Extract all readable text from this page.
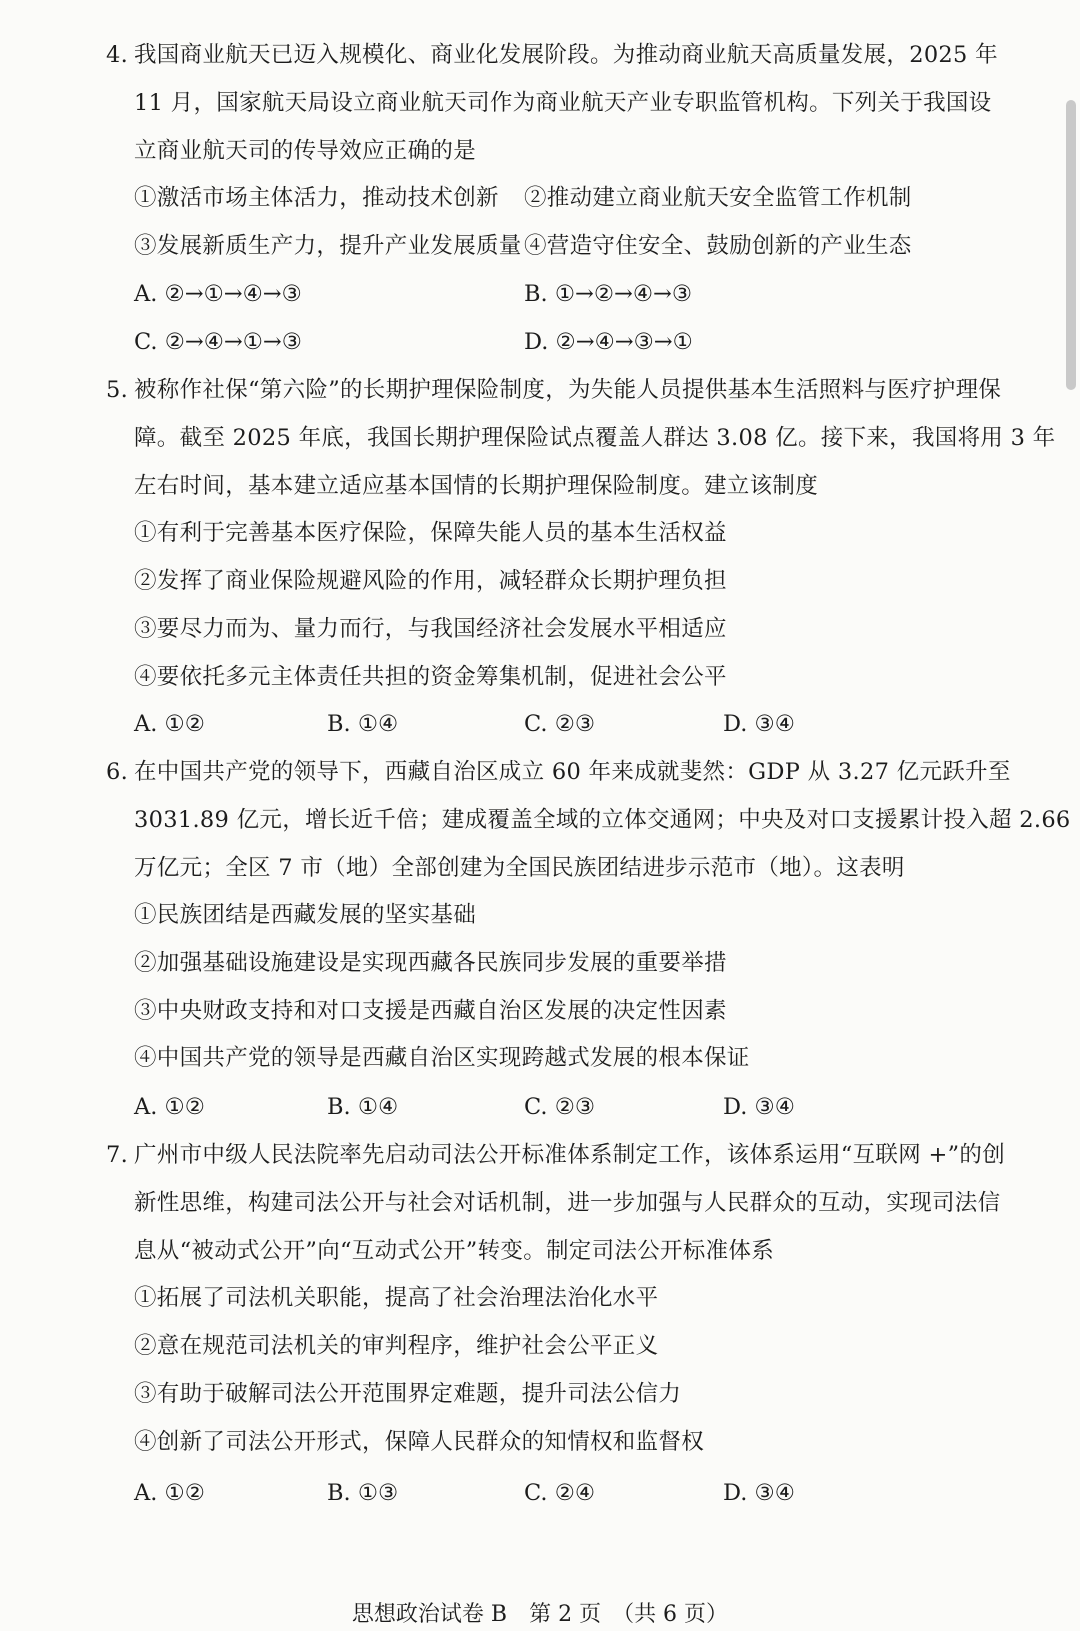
4. 我国商业航天已迈入规模化、商业化发展阶段。为推动商业航天高质量发展，2025 年
11 月，国家航天局设立商业航天司作为商业航天产业专职监管机构。下列关于我国设
立商业航天司的传导效应正确的是
①激活市场主体活力，推动技术创新 ②推动建立商业航天安全监管工作机制
③发展新质生产力，提升产业发展质量 ④营造守住安全、鼓励创新的产业生态
A. ②→①→④→③	B. ①→②→④→③
C. ②→④→①→③	D. ②→④→③→①
5. 被称作社保“第六险”的长期护理保险制度，为失能人员提供基本生活照料与医疗护理保
障。截至 2025 年底，我国长期护理保险试点覆盖人群达 3.08 亿。接下来，我国将用 3 年
左右时间，基本建立适应基本国情的长期护理保险制度。建立该制度
①有利于完善基本医疗保险，保障失能人员的基本生活权益
②发挥了商业保险规避风险的作用，减轻群众长期护理负担
③要尽力而为、量力而行，与我国经济社会发展水平相适应
④要依托多元主体责任共担的资金筹集机制，促进社会公平
A. ①②	B. ①④	C. ②③	D. ③④
6. 在中国共产党的领导下，西藏自治区成立 60 年来成就斐然：GDP 从 3.27 亿元跃升至
3031.89 亿元，增长近千倍；建成覆盖全域的立体交通网；中央及对口支援累计投入超 2.66
万亿元；全区 7 市（地）全部创建为全国民族团结进步示范市（地）。这表明
①民族团结是西藏发展的坚实基础
②加强基础设施建设是实现西藏各民族同步发展的重要举措
③中央财政支持和对口支援是西藏自治区发展的决定性因素
④中国共产党的领导是西藏自治区实现跨越式发展的根本保证
A. ①②	B. ①④	C. ②③	D. ③④
7. 广州市中级人民法院率先启动司法公开标准体系制定工作，该体系运用“互联网 +”的创
新性思维，构建司法公开与社会对话机制，进一步加强与人民群众的互动，实现司法信
息从“被动式公开”向“互动式公开”转变。制定司法公开标准体系
①拓展了司法机关职能，提高了社会治理法治化水平
②意在规范司法机关的审判程序，维护社会公平正义
③有助于破解司法公开范围界定难题，提升司法公信力
④创新了司法公开形式，保障人民群众的知情权和监督权
A. ①②	B. ①③	C. ②④	D. ③④
思想政治试卷 B　第 2 页　（共 6 页）
